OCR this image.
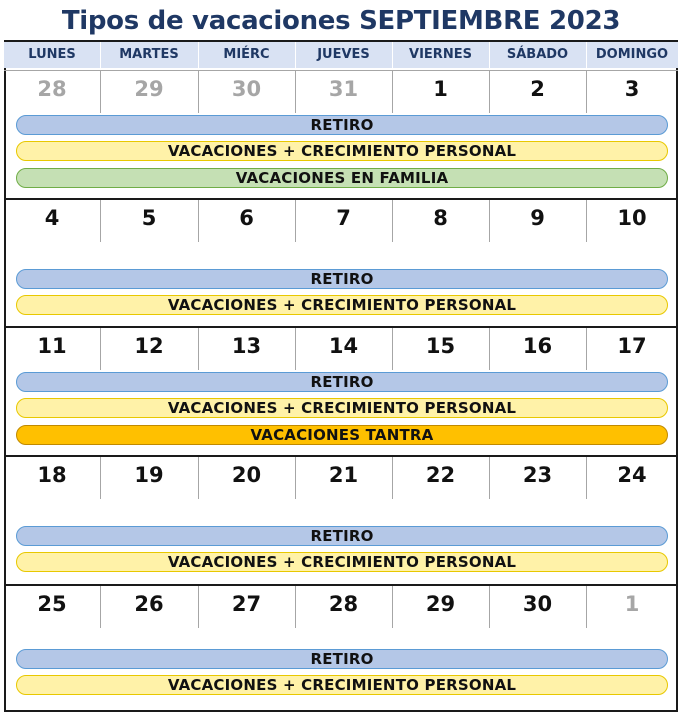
Tipos de vacaciones SEPTIEMBRE 2023
LUNES	MARTES	MIÉRC	JUEVES	VIERNES	SÁBADO	DOMINGO
28	29	30	31	1	2	3
RETIRO
VACACIONES + CRECIMIENTO PERSONAL
VACACIONES EN FAMILIA
4	5	6	7	8	9	10
RETIRO
VACACIONES + CRECIMIENTO PERSONAL
11	12	13	14	15	16	17
RETIRO
VACACIONES + CRECIMIENTO PERSONAL
VACACIONES TANTRA
18	19	20	21	22	23	24
RETIRO
VACACIONES + CRECIMIENTO PERSONAL
25	26	27	28	29	30	1
RETIRO
VACACIONES + CRECIMIENTO PERSONAL
